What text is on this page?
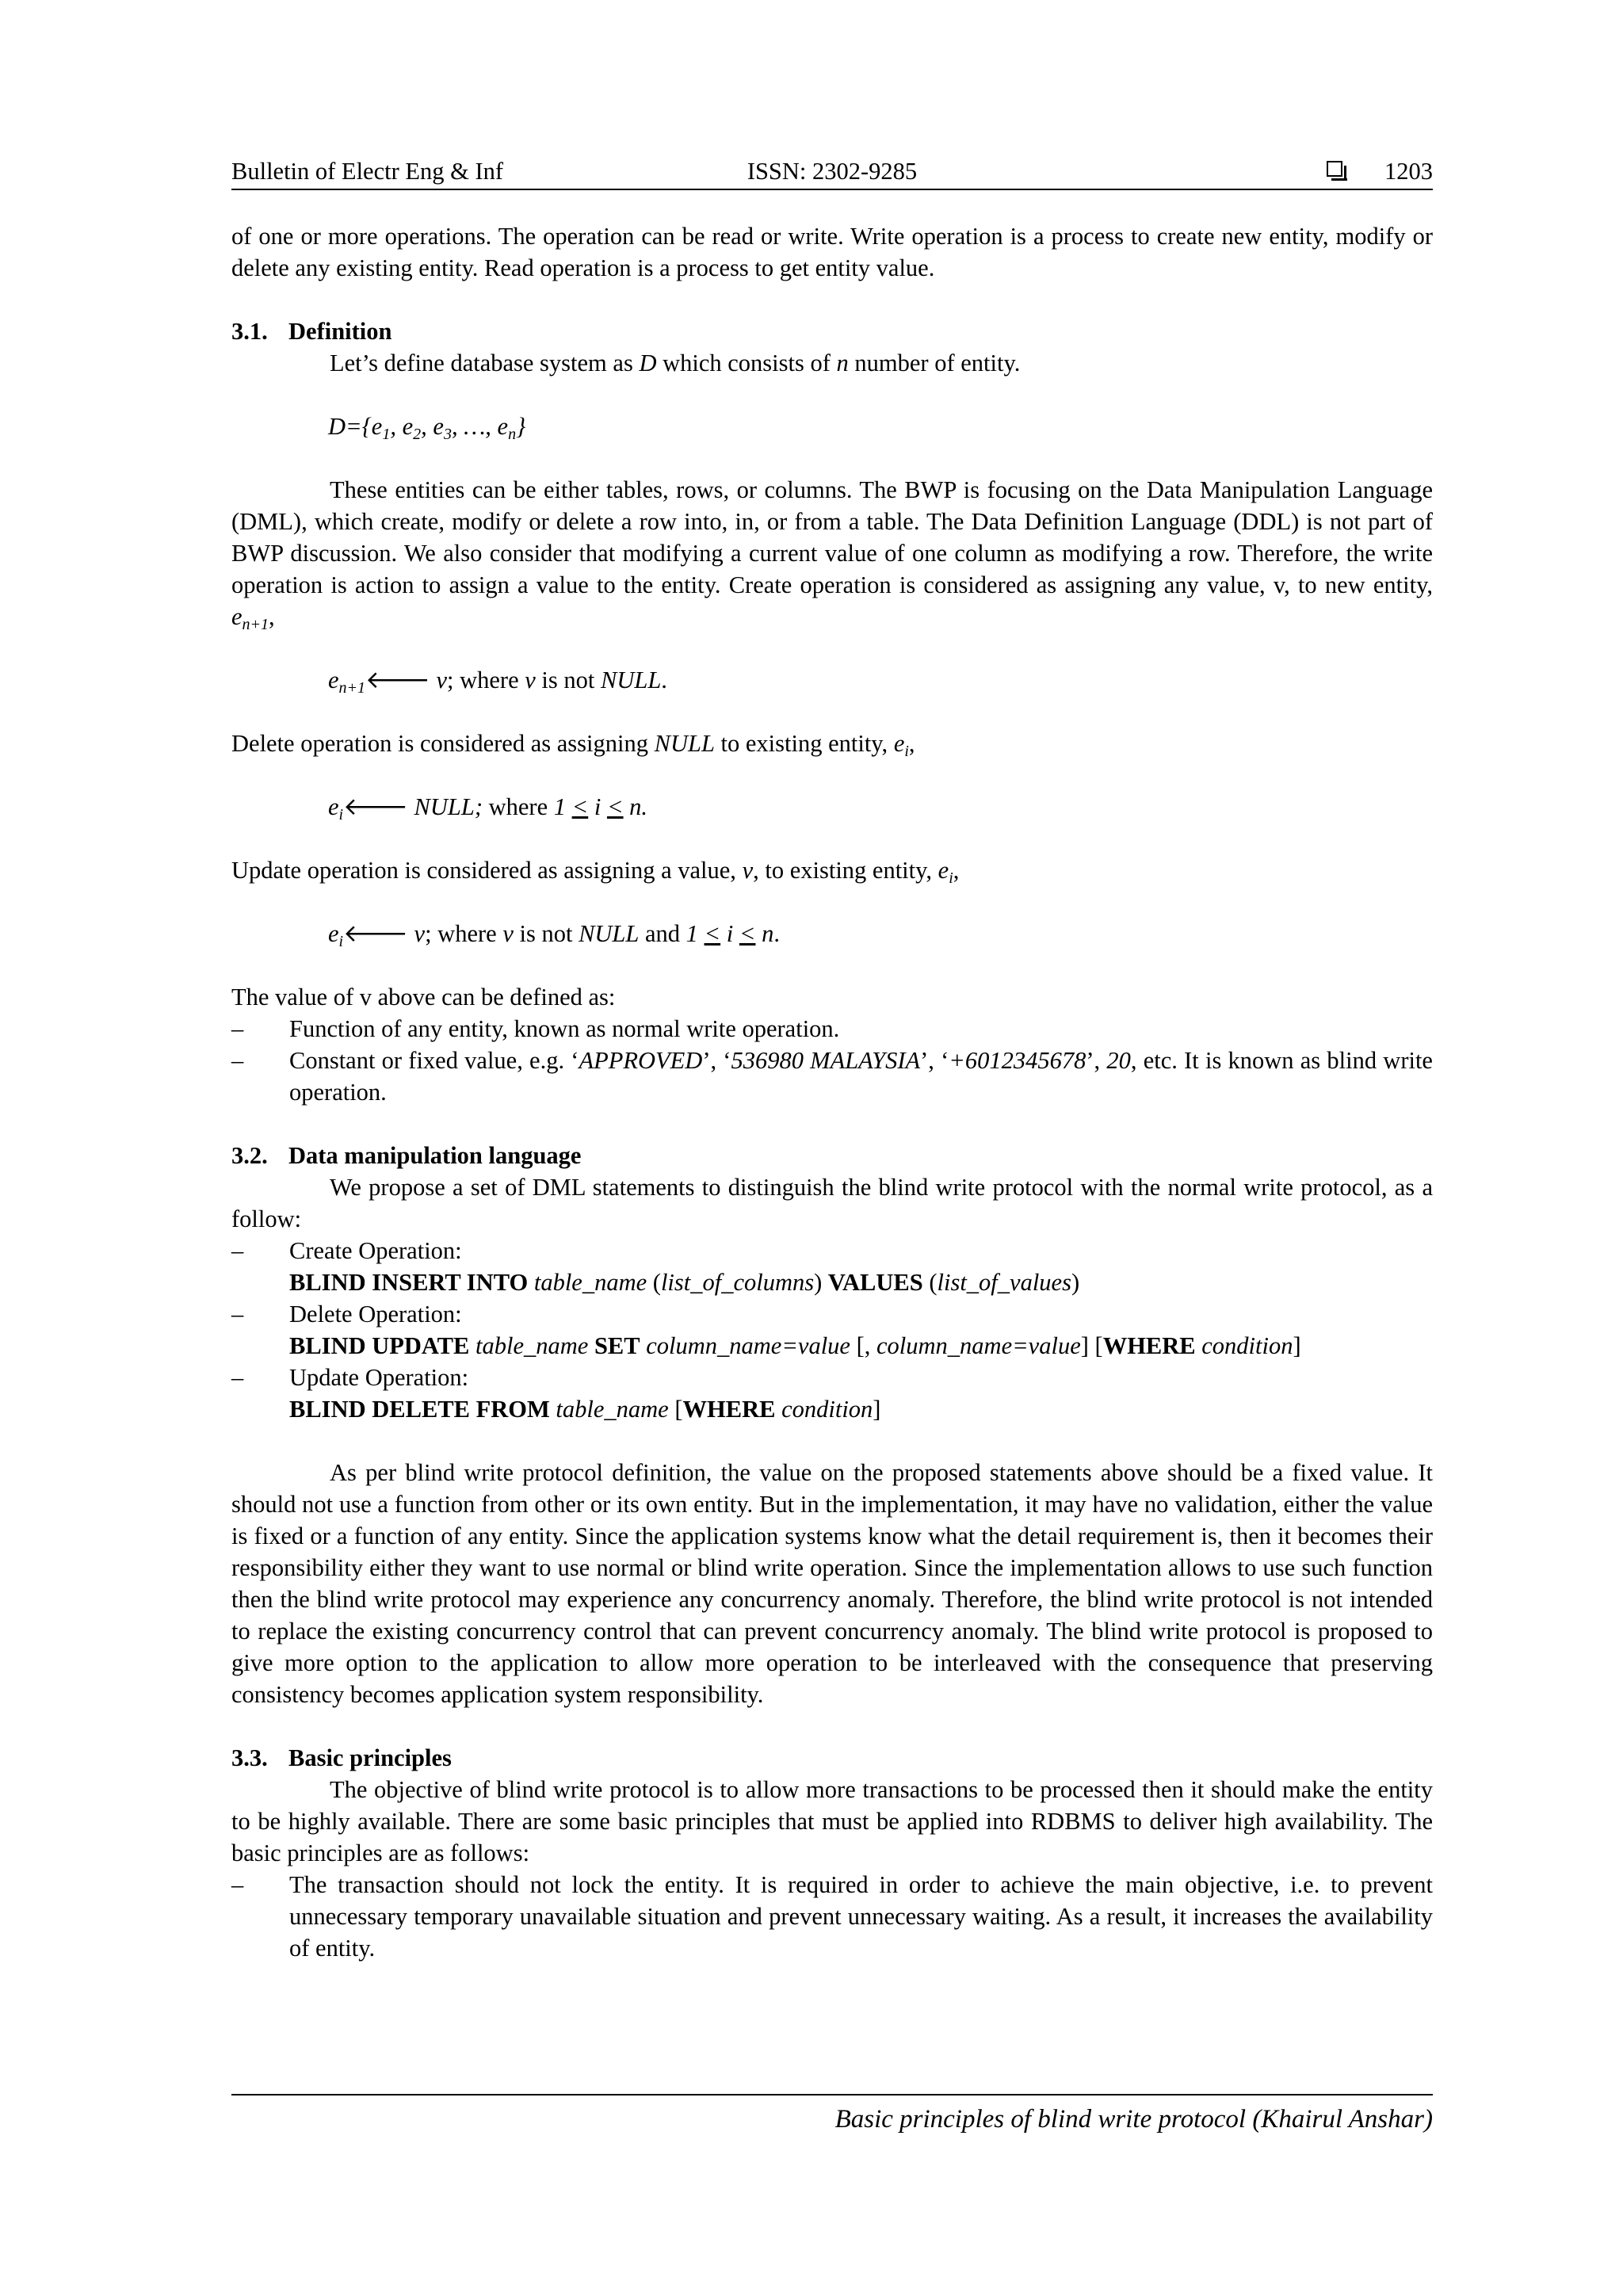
Bulletin of Electr Eng & Inf	ISSN: 2302-9285	1203

of one or more operations. The operation can be read or write. Write operation is a process to create new entity, modify or delete any existing entity. Read operation is a process to get entity value.

3.1. Definition

Let’s define database system as D which consists of n number of entity.

$D=\{e_1$, $e_2$, $e_3$, …, $e_n$}

These entities can be either tables, rows, or columns. The BWP is focusing on the Data Manipulation Language (DML), which create, modify or delete a row into, in, or from a table. The Data Definition Language (DDL) is not part of BWP discussion. We also consider that modifying a current value of one column as modifying a row. Therefore, the write operation is action to assign a value to the entity. Create operation is considered as assigning any value, v, to new entity, $e_{n+1}$,

$e_{n+1}🡐$ v; where v is not NULL.

Delete operation is considered as assigning NULL to existing entity, $e_i$,

$e_i🡐$ NULL; where 1 < i < n.

Update operation is considered as assigning a value, v, to existing entity, $e_i$,

$e_i🡐$ v; where v is not NULL and 1 < i < n.

The value of v above can be defined as:

– Function of any entity, known as normal write operation.
– Constant or fixed value, e.g. ‘APPROVED’, ‘536980 MALAYSIA’, ‘+6012345678’, 20, etc. It is known as blind write operation.

3.2. Data manipulation language

We propose a set of DML statements to distinguish the blind write protocol with the normal write protocol, as a follow:

– Create Operation:
BLIND INSERT INTO table_name (list_of_columns) VALUES (list_of_values)
– Delete Operation:
BLIND UPDATE table_name SET column_name=value [, column_name=value] [WHERE condition]
– Update Operation:
BLIND DELETE FROM table_name [WHERE condition]

As per blind write protocol definition, the value on the proposed statements above should be a fixed value. It should not use a function from other or its own entity. But in the implementation, it may have no validation, either the value is fixed or a function of any entity. Since the application systems know what the detail requirement is, then it becomes their responsibility either they want to use normal or blind write operation. Since the implementation allows to use such function then the blind write protocol may experience any concurrency anomaly. Therefore, the blind write protocol is not intended to replace the existing concurrency control that can prevent concurrency anomaly. The blind write protocol is proposed to give more option to the application to allow more operation to be interleaved with the consequence that preserving consistency becomes application system responsibility.

3.3. Basic principles

The objective of blind write protocol is to allow more transactions to be processed then it should make the entity to be highly available. There are some basic principles that must be applied into RDBMS to deliver high availability. The basic principles are as follows:

– The transaction should not lock the entity. It is required in order to achieve the main objective, i.e. to prevent unnecessary temporary unavailable situation and prevent unnecessary waiting. As a result, it increases the availability of entity.
Basic principles of blind write protocol (Khairul Anshar)
